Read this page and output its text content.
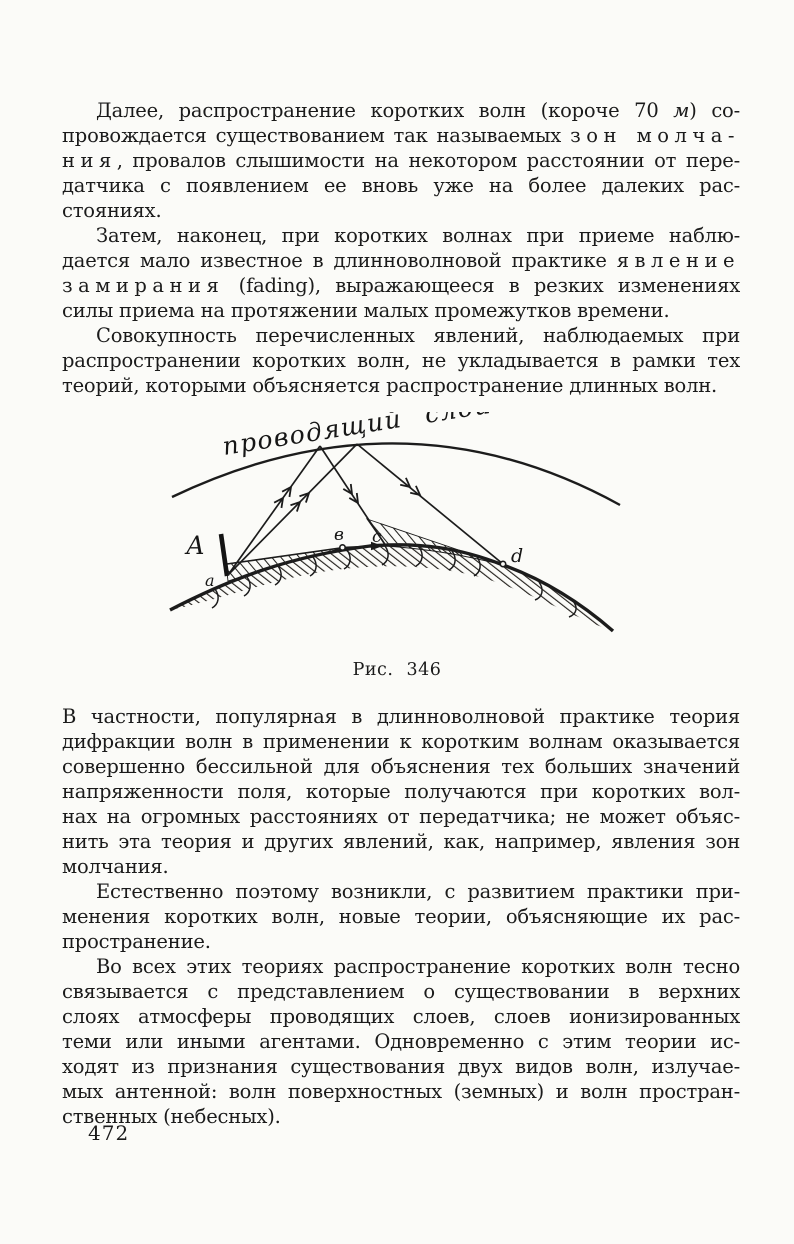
Далее, распространение коротких волн (короче 70 м) со-
провождается существованием так называемых зон молча-
ния, провалов слышимости на некотором расстоянии от пере-
датчика с появлением ее вновь уже на более далеких рас-
стояниях.
Затем, наконец, при коротких волнах при приеме наблю-
дается мало известное в длинноволновой практике явление
замирания (fading), выражающееся в резких изменениях
силы приема на протяжении малых промежутков времени.
Совокупность перечисленных явлений, наблюдаемых при
распространении коротких волн, не укладывается в рамки тех
теорий, которыми объясняется распространение длинных волн.
проводящий слой
А
a
в c
d
Рис. 346
В частности, популярная в длинноволновой практике теория
дифракции волн в применении к коротким волнам оказывается
совершенно бессильной для объяснения тех больших значений
напряженности поля, которые получаются при коротких вол-
нах на огромных расстояниях от передатчика; не может объяс-
нить эта теория и других явлений, как, например, явления зон
молчания.
Естественно поэтому возникли, с развитием практики при-
менения коротких волн, новые теории, объясняющие их рас-
пространение.
Во всех этих теориях распространение коротких волн тесно
связывается с представлением о существовании в верхних
слоях атмосферы проводящих слоев, слоев ионизированных
теми или иными агентами. Одновременно с этим теории ис-
ходят из признания существования двух видов волн, излучае-
мых антенной: волн поверхностных (земных) и волн простран-
ственных (небесных).
472
